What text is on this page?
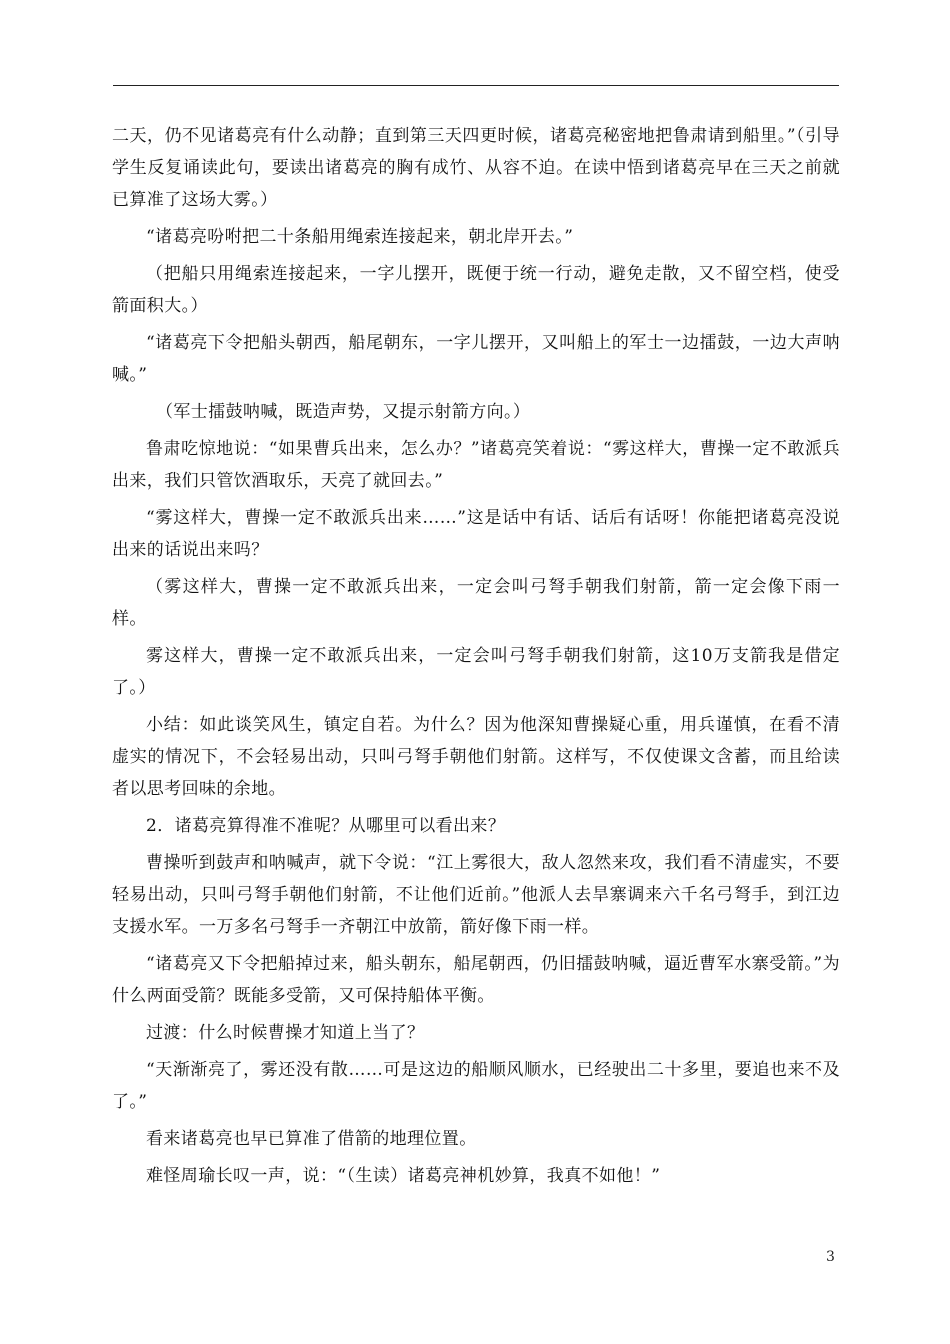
二天，仍不见诸葛亮有什么动静；直到第三天四更时候，诸葛亮秘密地把鲁肃请到船里。”（引导学生反复诵读此句，要读出诸葛亮的胸有成竹、从容不迫。在读中悟到诸葛亮早在三天之前就已算准了这场大雾。）

“诸葛亮吩咐把二十条船用绳索连接起来，朝北岸开去。”

（把船只用绳索连接起来，一字儿摆开，既便于统一行动，避免走散，又不留空档，使受箭面积大。）

“诸葛亮下令把船头朝西，船尾朝东，一字儿摆开，又叫船上的军士一边擂鼓，一边大声呐喊。”

（军士擂鼓呐喊，既造声势，又提示射箭方向。）

鲁肃吃惊地说：“如果曹兵出来，怎么办？”诸葛亮笑着说：“雾这样大，曹操一定不敢派兵出来，我们只管饮酒取乐，天亮了就回去。”

“雾这样大，曹操一定不敢派兵出来……”这是话中有话、话后有话呀！你能把诸葛亮没说出来的话说出来吗？

（雾这样大，曹操一定不敢派兵出来，一定会叫弓弩手朝我们射箭，箭一定会像下雨一样。

雾这样大，曹操一定不敢派兵出来，一定会叫弓弩手朝我们射箭，这10万支箭我是借定了。）

小结：如此谈笑风生，镇定自若。为什么？因为他深知曹操疑心重，用兵谨慎，在看不清虚实的情况下，不会轻易出动，只叫弓弩手朝他们射箭。这样写，不仅使课文含蓄，而且给读者以思考回味的余地。

2．诸葛亮算得准不准呢？从哪里可以看出来？

曹操听到鼓声和呐喊声，就下令说：“江上雾很大，敌人忽然来攻，我们看不清虚实，不要轻易出动，只叫弓弩手朝他们射箭，不让他们近前。”他派人去旱寨调来六千名弓弩手，到江边支援水军。一万多名弓弩手一齐朝江中放箭，箭好像下雨一样。

“诸葛亮又下令把船掉过来，船头朝东，船尾朝西，仍旧擂鼓呐喊，逼近曹军水寨受箭。”为什么两面受箭？既能多受箭，又可保持船体平衡。

过渡：什么时候曹操才知道上当了？

“天渐渐亮了，雾还没有散……可是这边的船顺风顺水，已经驶出二十多里，要追也来不及了。”

看来诸葛亮也早已算准了借箭的地理位置。

难怪周瑜长叹一声，说：“（生读）诸葛亮神机妙算，我真不如他！”

3
